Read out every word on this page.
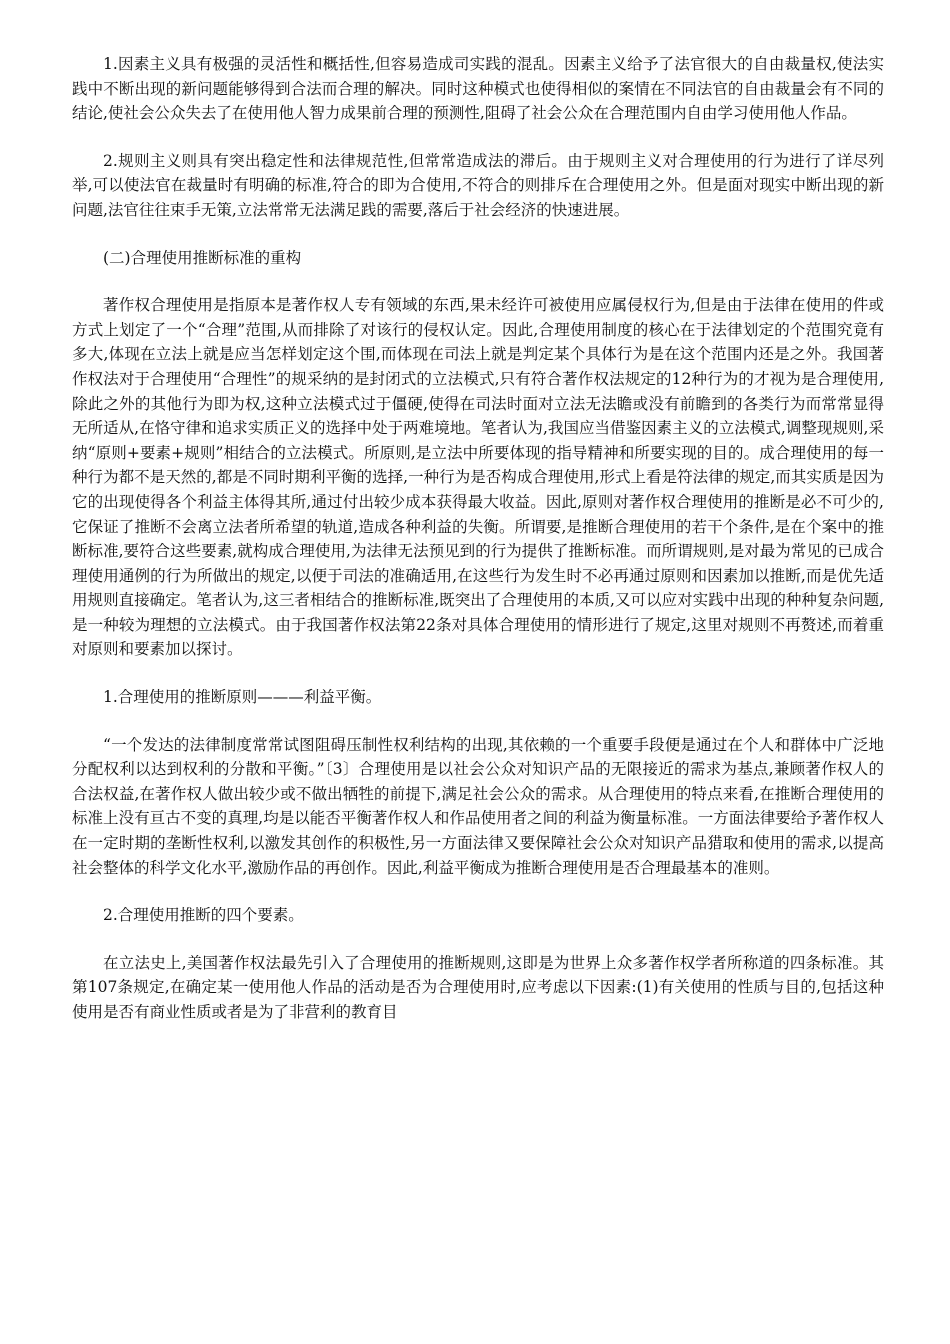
1.因素主义具有极强的灵活性和概括性,但容易造成司实践的混乱。因素主义给予了法官很大的自由裁量权,使法实践中不断出现的新问题能够得到合法而合理的解决。同时这种模式也使得相似的案情在不同法官的自由裁量会有不同的结论,使社会公众失去了在使用他人智力成果前合理的预测性,阻碍了社会公众在合理范围内自由学习使用他人作品。

2.规则主义则具有突出稳定性和法律规范性,但常常造成法的滞后。由于规则主义对合理使用的行为进行了详尽列举,可以使法官在裁量时有明确的标准,符合的即为合使用,不符合的则排斥在合理使用之外。但是面对现实中断出现的新问题,法官往往束手无策,立法常常无法满足践的需要,落后于社会经济的快速进展。

(二)合理使用推断标准的重构

著作权合理使用是指原本是著作权人专有领域的东西,果未经许可被使用应属侵权行为,但是由于法律在使用的件或方式上划定了一个“合理”范围,从而排除了对该行的侵权认定。因此,合理使用制度的核心在于法律划定的个范围究竟有多大,体现在立法上就是应当怎样划定这个围,而体现在司法上就是判定某个具体行为是在这个范围内还是之外。我国著作权法对于合理使用“合理性”的规采纳的是封闭式的立法模式,只有符合著作权法规定的12种行为的才视为是合理使用,除此之外的其他行为即为权,这种立法模式过于僵硬,使得在司法时面对立法无法瞻或没有前瞻到的各类行为而常常显得无所适从,在恪守律和追求实质正义的选择中处于两难境地。笔者认为,我国应当借鉴因素主义的立法模式,调整现规则,采纳“原则+要素+规则”相结合的立法模式。所原则,是立法中所要体现的指导精神和所要实现的目的。成合理使用的每一种行为都不是天然的,都是不同时期利平衡的选择,一种行为是否构成合理使用,形式上看是符法律的规定,而其实质是因为它的出现使得各个利益主体得其所,通过付出较少成本获得最大收益。因此,原则对著作权合理使用的推断是必不可少的,它保证了推断不会离立法者所希望的轨道,造成各种利益的失衡。所谓要,是推断合理使用的若干个条件,是在个案中的推断标准,要符合这些要素,就构成合理使用,为法律无法预见到的行为提供了推断标准。而所谓规则,是对最为常见的已成合理使用通例的行为所做出的规定,以便于司法的准确适用,在这些行为发生时不必再通过原则和因素加以推断,而是优先适用规则直接确定。笔者认为,这三者相结合的推断标准,既突出了合理使用的本质,又可以应对实践中出现的种种复杂问题,是一种较为理想的立法模式。由于我国著作权法第22条对具体合理使用的情形进行了规定,这里对规则不再赘述,而着重对原则和要素加以探讨。

1.合理使用的推断原则———利益平衡。

“一个发达的法律制度常常试图阻碍压制性权利结构的出现,其依赖的一个重要手段便是通过在个人和群体中广泛地分配权利以达到权利的分散和平衡。”〔3〕合理使用是以社会公众对知识产品的无限接近的需求为基点,兼顾著作权人的合法权益,在著作权人做出较少或不做出牺牲的前提下,满足社会公众的需求。从合理使用的特点来看,在推断合理使用的标准上没有亘古不变的真理,均是以能否平衡著作权人和作品使用者之间的利益为衡量标准。一方面法律要给予著作权人在一定时期的垄断性权利,以激发其创作的积极性,另一方面法律又要保障社会公众对知识产品猎取和使用的需求,以提高社会整体的科学文化水平,激励作品的再创作。因此,利益平衡成为推断合理使用是否合理最基本的准则。

2.合理使用推断的四个要素。

在立法史上,美国著作权法最先引入了合理使用的推断规则,这即是为世界上众多著作权学者所称道的四条标准。其第107条规定,在确定某一使用他人作品的活动是否为合理使用时,应考虑以下因素:(1)有关使用的性质与目的,包括这种使用是否有商业性质或者是为了非营利的教育目
